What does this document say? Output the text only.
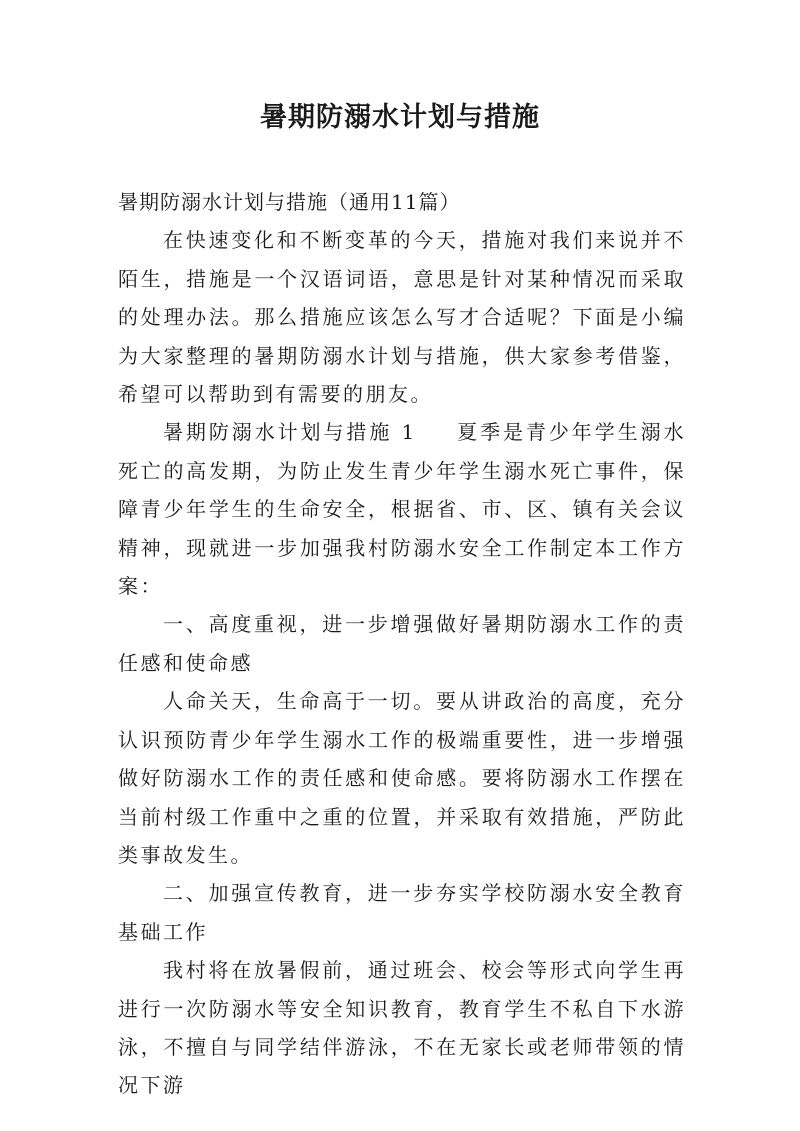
暑期防溺水计划与措施

暑期防溺水计划与措施（通用11篇）

在快速变化和不断变革的今天，措施对我们来说并不陌生，措施是一个汉语词语，意思是针对某种情况而采取的处理办法。那么措施应该怎么写才合适呢？下面是小编为大家整理的暑期防溺水计划与措施，供大家参考借鉴，希望可以帮助到有需要的朋友。

暑期防溺水计划与措施 1 夏季是青少年学生溺水死亡的高发期，为防止发生青少年学生溺水死亡事件，保障青少年学生的生命安全，根据省、市、区、镇有关会议精神，现就进一步加强我村防溺水安全工作制定本工作方案：

一、高度重视，进一步增强做好暑期防溺水工作的责任感和使命感

人命关天，生命高于一切。要从讲政治的高度，充分认识预防青少年学生溺水工作的极端重要性，进一步增强做好防溺水工作的责任感和使命感。要将防溺水工作摆在当前村级工作重中之重的位置，并采取有效措施，严防此类事故发生。

二、加强宣传教育，进一步夯实学校防溺水安全教育基础工作

我村将在放暑假前，通过班会、校会等形式向学生再进行一次防溺水等安全知识教育，教育学生不私自下水游泳，不擅自与同学结伴游泳，不在无家长或老师带领的情况下游
